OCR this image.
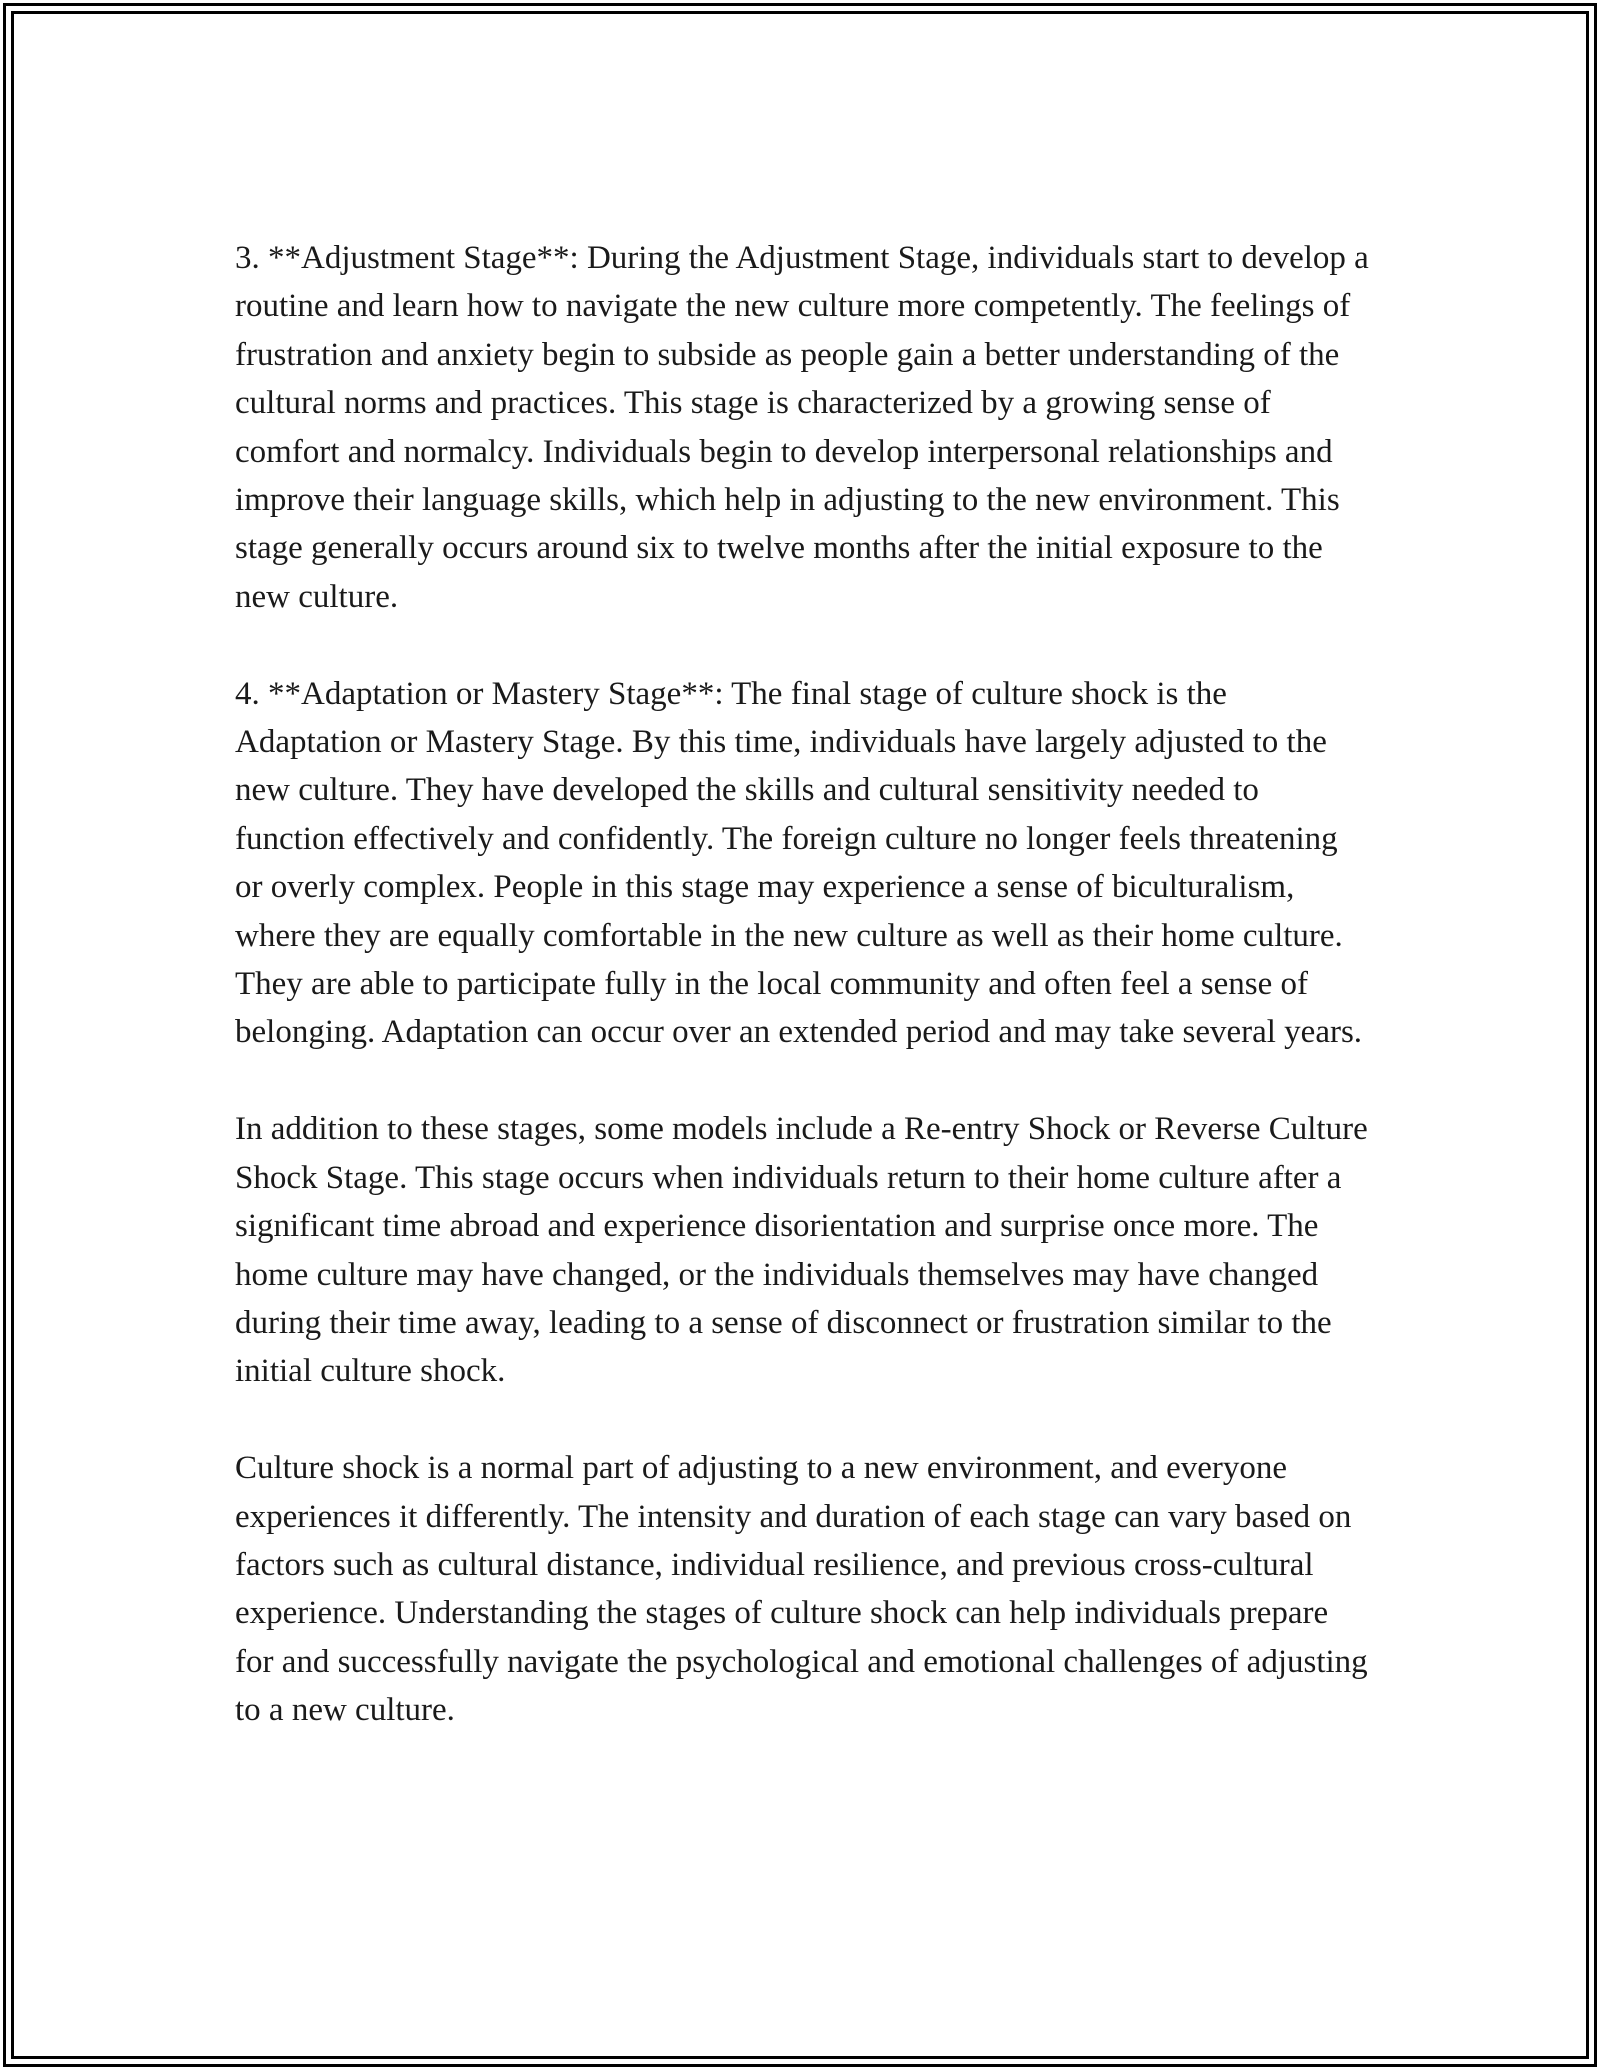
3. **Adjustment Stage**: During the Adjustment Stage, individuals start to develop a routine and learn how to navigate the new culture more competently. The feelings of frustration and anxiety begin to subside as people gain a better understanding of the cultural norms and practices. This stage is characterized by a growing sense of comfort and normalcy. Individuals begin to develop interpersonal relationships and improve their language skills, which help in adjusting to the new environment. This stage generally occurs around six to twelve months after the initial exposure to the new culture.

4. **Adaptation or Mastery Stage**: The final stage of culture shock is the Adaptation or Mastery Stage. By this time, individuals have largely adjusted to the new culture. They have developed the skills and cultural sensitivity needed to function effectively and confidently. The foreign culture no longer feels threatening or overly complex. People in this stage may experience a sense of biculturalism, where they are equally comfortable in the new culture as well as their home culture. They are able to participate fully in the local community and often feel a sense of belonging. Adaptation can occur over an extended period and may take several years.

In addition to these stages, some models include a Re-entry Shock or Reverse Culture Shock Stage. This stage occurs when individuals return to their home culture after a significant time abroad and experience disorientation and surprise once more. The home culture may have changed, or the individuals themselves may have changed during their time away, leading to a sense of disconnect or frustration similar to the initial culture shock.

Culture shock is a normal part of adjusting to a new environment, and everyone experiences it differently. The intensity and duration of each stage can vary based on factors such as cultural distance, individual resilience, and previous cross-cultural experience. Understanding the stages of culture shock can help individuals prepare for and successfully navigate the psychological and emotional challenges of adjusting to a new culture.
